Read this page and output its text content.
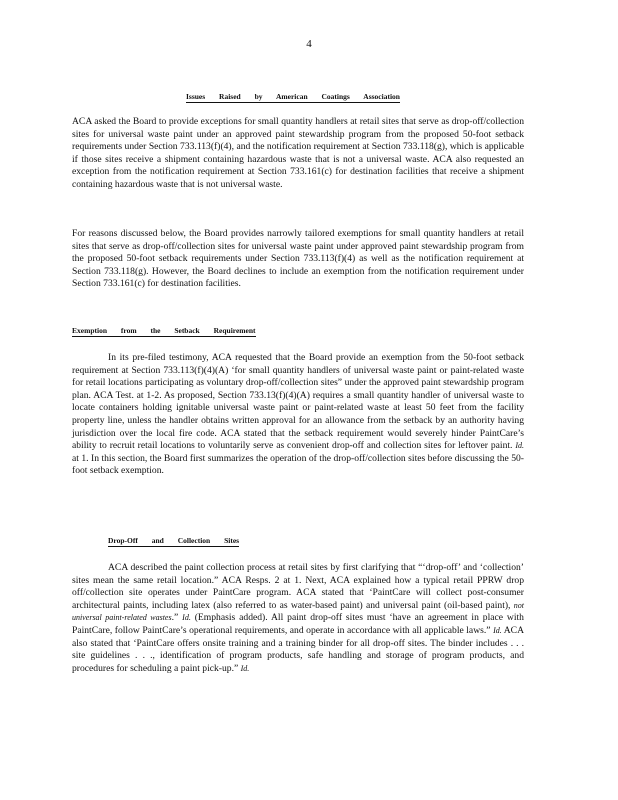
4
Issues Raised by American Coatings Association

ACA asked the Board to provide exceptions for small quantity handlers at retail sites that serve as drop-off/collection sites for universal waste paint under an approved paint stewardship program from the proposed 50-foot setback requirements under Section 733.113(f)(4), and the notification requirement at Section 733.118(g), which is applicable if those sites receive a shipment containing hazardous waste that is not a universal waste. ACA also requested an exception from the notification requirement at Section 733.161(c) for destination facilities that receive a shipment containing hazardous waste that is not universal waste.

For reasons discussed below, the Board provides narrowly tailored exemptions for small quantity handlers at retail sites that serve as drop-off/collection sites for universal waste paint under approved paint stewardship program from the proposed 50-foot setback requirements under Section 733.113(f)(4) as well as the notification requirement at Section 733.118(g). However, the Board declines to include an exemption from the notification requirement under Section 733.161(c) for destination facilities.

Exemption from the Setback Requirement

In its pre-filed testimony, ACA requested that the Board provide an exemption from the 50-foot setback requirement at Section 733.113(f)(4)(A) ‘for small quantity handlers of universal waste paint or paint-related waste for retail locations participating as voluntary drop-off/collection sites” under the approved paint stewardship program plan. ACA Test. at 1-2. As proposed, Section 733.13(f)(4)(A) requires a small quantity handler of universal waste to locate containers holding ignitable universal waste paint or paint-related waste at least 50 feet from the facility property line, unless the handler obtains written approval for an allowance from the setback by an authority having jurisdiction over the local fire code. ACA stated that the setback requirement would severely hinder PaintCare’s ability to recruit retail locations to voluntarily serve as convenient drop-off and collection sites for leftover paint. Id. at 1. In this section, the Board first summarizes the operation of the drop-off/collection sites before discussing the 50-foot setback exemption.

Drop-Off and Collection Sites

ACA described the paint collection process at retail sites by first clarifying that “‘drop-off’ and ‘collection’ sites mean the same retail location.” ACA Resps. 2 at 1. Next, ACA explained how a typical retail PPRW drop off/collection site operates under PaintCare program. ACA stated that ‘PaintCare will collect post-consumer architectural paints, including latex (also referred to as water-based paint) and universal paint (oil-based paint), not universal paint-related wastes.” Id. (Emphasis added). All paint drop-off sites must ‘have an agreement in place with PaintCare, follow PaintCare’s operational requirements, and operate in accordance with all applicable laws.” Id. ACA also stated that ‘PaintCare offers onsite training and a training binder for all drop-off sites. The binder includes . . . site guidelines . . ., identification of program products, safe handling and storage of program products, and procedures for scheduling a paint pick-up.” Id.
